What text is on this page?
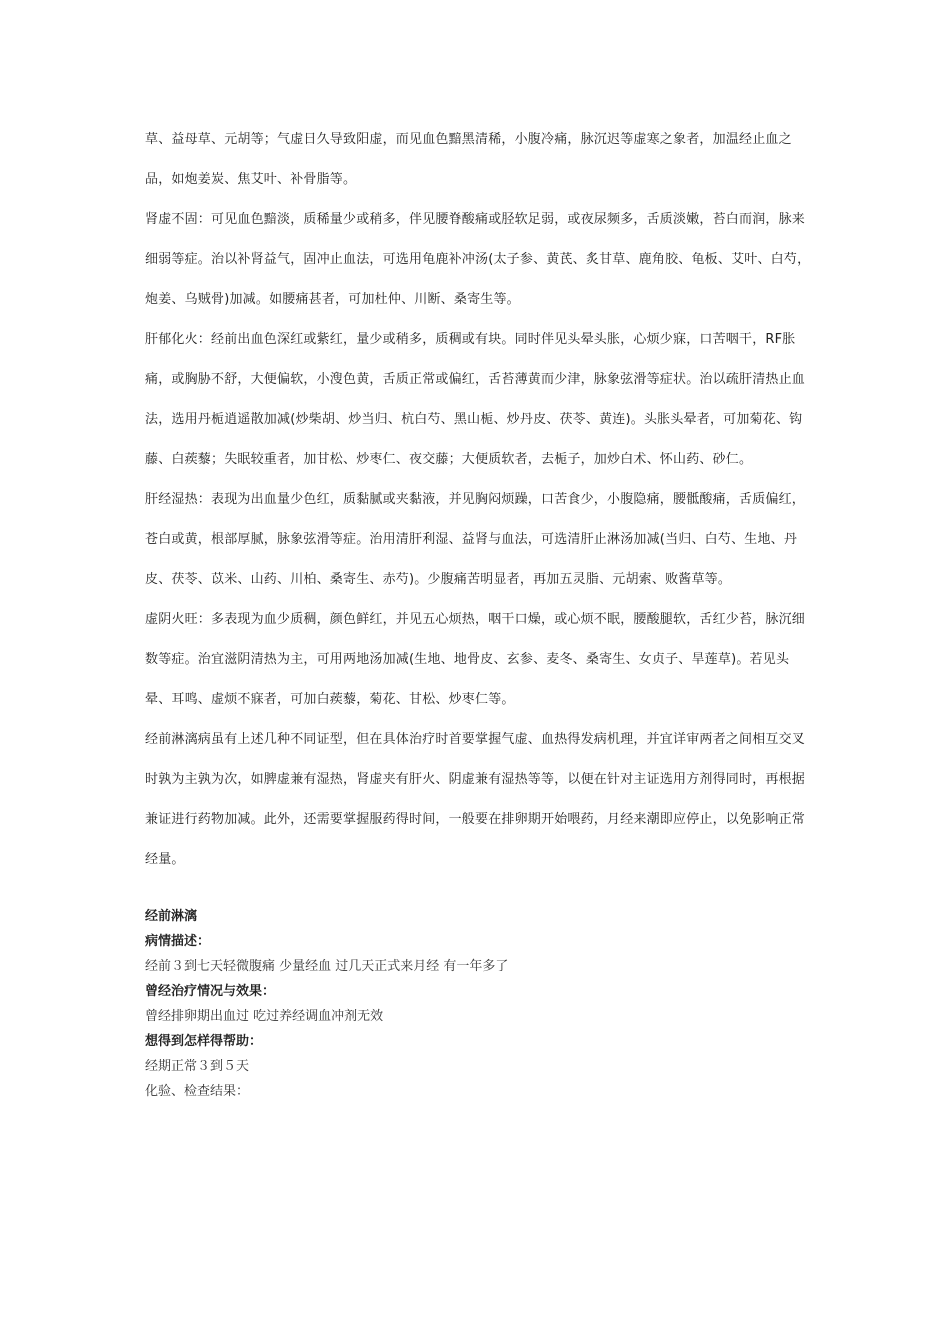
草、益母草、元胡等；气虚日久导致阳虚，而见血色黯黑清稀，小腹冷痛，脉沉迟等虚寒之象者，加温经止血之品，如炮姜炭、焦艾叶、补骨脂等。

肾虚不固：可见血色黯淡，质稀量少或稍多，伴见腰脊酸痛或胫软足弱，或夜尿频多，舌质淡嫩，苔白而润，脉来细弱等症。治以补肾益气，固冲止血法，可选用龟鹿补冲汤(太子参、黄芪、炙甘草、鹿角胶、龟板、艾叶、白芍，炮姜、乌贼骨)加减。如腰痛甚者，可加杜仲、川断、桑寄生等。

肝郁化火：经前出血色深红或紫红，量少或稍多，质稠或有块。同时伴见头晕头胀，心烦少寐，口苦咽干，RF胀痛，或胸胁不舒，大便偏软，小溲色黄，舌质正常或偏红，舌苔薄黄而少津，脉象弦滑等症状。治以疏肝清热止血法，选用丹栀逍遥散加减(炒柴胡、炒当归、杭白芍、黑山栀、炒丹皮、茯苓、黄连)。头胀头晕者，可加菊花、钩藤、白蒺藜；失眠较重者，加甘松、炒枣仁、夜交藤；大便质软者，去栀子，加炒白术、怀山药、砂仁。

肝经湿热：表现为出血量少色红，质黏腻或夹黏液，并见胸闷烦躁，口苦食少，小腹隐痛，腰骶酸痛，舌质偏红，苍白或黄，根部厚腻，脉象弦滑等症。治用清肝利湿、益肾与血法，可选清肝止淋汤加减(当归、白芍、生地、丹皮、茯苓、苡米、山药、川柏、桑寄生、赤芍)。少腹痛苦明显者，再加五灵脂、元胡索、败酱草等。

虚阴火旺：多表现为血少质稠，颜色鲜红，并见五心烦热，咽干口燥，或心烦不眠，腰酸腿软，舌红少苔，脉沉细数等症。治宜滋阴清热为主，可用两地汤加减(生地、地骨皮、玄参、麦冬、桑寄生、女贞子、旱莲草)。若见头晕、耳鸣、虚烦不寐者，可加白蒺藜，菊花、甘松、炒枣仁等。

经前淋漓病虽有上述几种不同证型，但在具体治疗时首要掌握气虚、血热得发病机理，并宜详审两者之间相互交叉时孰为主孰为次，如脾虚兼有湿热，肾虚夹有肝火、阴虚兼有湿热等等，以便在针对主证选用方剂得同时，再根据兼证进行药物加减。此外，还需要掌握服药得时间，一般要在排卵期开始喂药，月经来潮即应停止，以免影响正常经量。

经前淋漓
病情描述：
经前３到七天轻微腹痛 少量经血 过几天正式来月经 有一年多了
曾经治疗情况与效果：
曾经排卵期出血过 吃过养经调血冲剂无效
想得到怎样得帮助：
经期正常３到５天
化验、检查结果：
